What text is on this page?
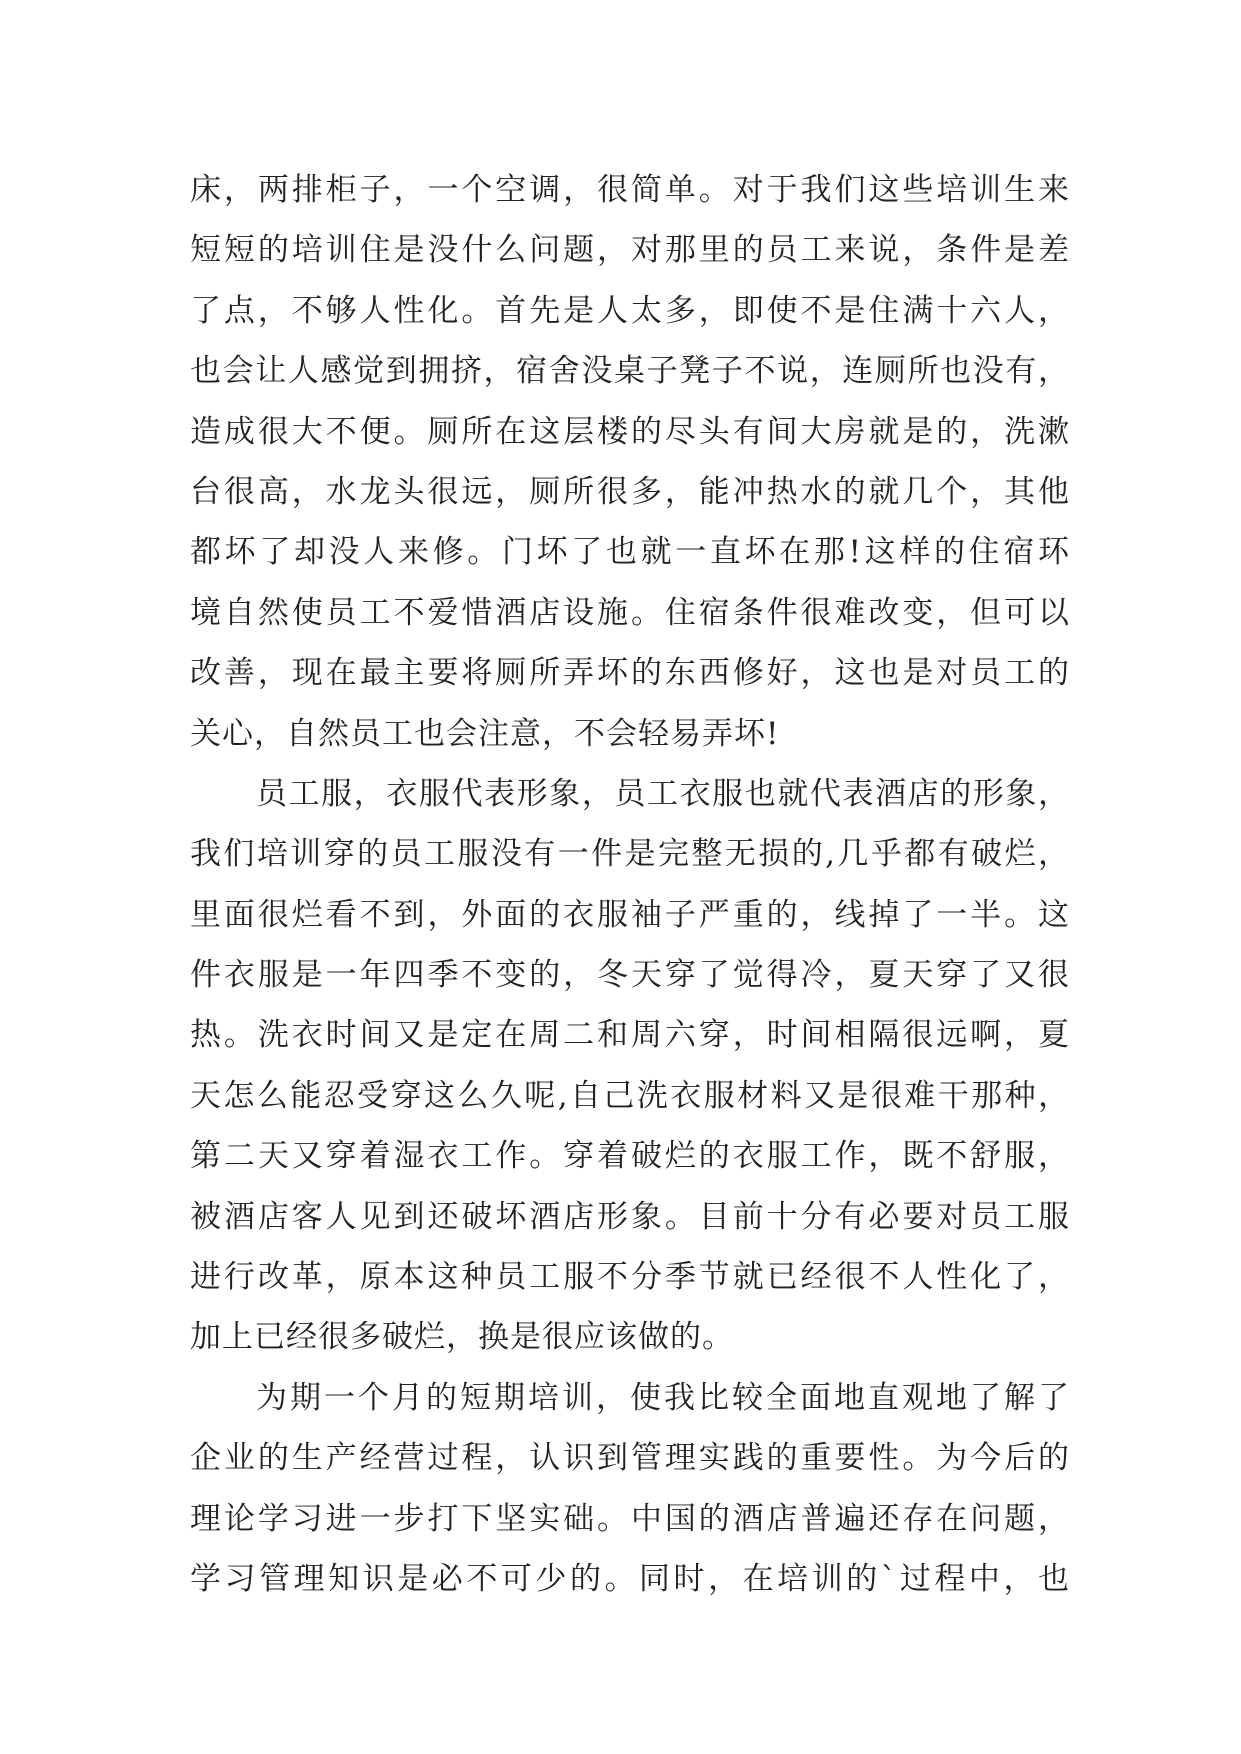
床，两排柜子，一个空调，很简单。对于我们这些培训生来
短短的培训住是没什么问题，对那里的员工来说，条件是差
了点，不够人性化。首先是人太多，即使不是住满十六人，
也会让人感觉到拥挤，宿舍没桌子凳子不说，连厕所也没有，
造成很大不便。厕所在这层楼的尽头有间大房就是的，洗漱
台很高，水龙头很远，厕所很多，能冲热水的就几个，其他
都坏了却没人来修。门坏了也就一直坏在那!这样的住宿环
境自然使员工不爱惜酒店设施。住宿条件很难改变，但可以
改善，现在最主要将厕所弄坏的东西修好，这也是对员工的
关心，自然员工也会注意，不会轻易弄坏!
员工服，衣服代表形象，员工衣服也就代表酒店的形象，
我们培训穿的员工服没有一件是完整无损的,几乎都有破烂，
里面很烂看不到，外面的衣服袖子严重的，线掉了一半。这
件衣服是一年四季不变的，冬天穿了觉得冷，夏天穿了又很
热。洗衣时间又是定在周二和周六穿，时间相隔很远啊，夏
天怎么能忍受穿这么久呢,自己洗衣服材料又是很难干那种，
第二天又穿着湿衣工作。穿着破烂的衣服工作，既不舒服，
被酒店客人见到还破坏酒店形象。目前十分有必要对员工服
进行改革，原本这种员工服不分季节就已经很不人性化了，
加上已经很多破烂，换是很应该做的。
为期一个月的短期培训，使我比较全面地直观地了解了
企业的生产经营过程，认识到管理实践的重要性。为今后的
理论学习进一步打下坚实础。中国的酒店普遍还存在问题，
学习管理知识是必不可少的。同时，在培训的`过程中，也
